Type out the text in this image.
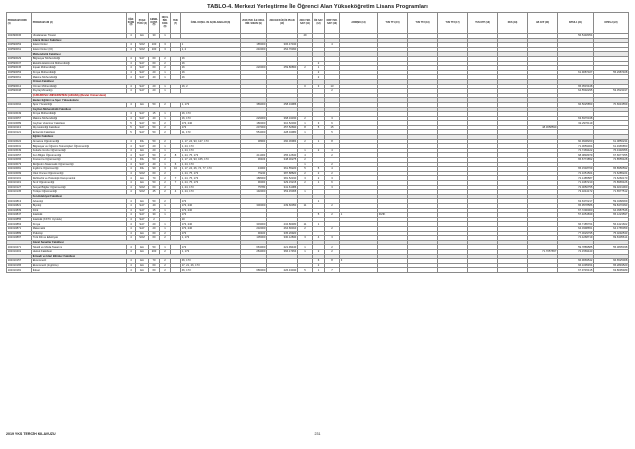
TABLO-4. Merkezi Yerleştirme İle Öğrenci Alan Yükseköğretim Lisans Programları
PROGRAM KODU (1)	PROGRAM ADI (2)	ÖĞR. SÜRE (3)	PUAN TÜRÜ (4)	GENEL KONT. (5)	OKUL BİR. KON. (6)	YER. (7)	ÖZEL KOŞUL VE AÇIKLAMALAR (8)	2018 YER. İLE OKUL BİR. SIRASI (9)	2018 EN KÜÇÜK PUAN (10)	2018 YER. SAYI (11)	ÖK SAY. (12)	OBP YER. SAYI (13)	ARDIŞIK (14)	TUS TT1 (15)	TUS TT2 (16)	TUS TT3 (17)	TUS KTP (18)	DUS (19)	AB AYP (20)	KPSS-1 (21)	KPSS-2 (22)
102390036	Uluslararası Ticaret	4	EA	30	1					49										56.5448354	
	İslami İlimler Fakültesi																				
102590053	İslami İlimler	4	SÖZ	100	3		1	185000	306.47340			4									
102590061	İslami İlimler (İÖ)	4	SÖZ	100	3		1, 2	240000	254.76390												
	Mühendislik Fakültesi																				
102590029	Bilgisayar Mühendisliği	4	SAY	60	2		16														
102590037	Elektrik-Elektronik Mühendisliği	4	SAY	60	2		16				2										
102590045	İnşaat Mühendisliği	4	SAY	60	2		16	220000	259.80860	2	1										
102590053	Kimya Mühendisliği	4	SAY	20	1		16				2									61.9087327	55.2987408
102590061	Makine Mühendisliği	4	SAY	40	1		16				2										
	Orman Fakültesi																				
102590012	Orman Mühendisliği	4	SAY	20	1		16, 2			0	3	13								65.0515448	
102590038	Peyzaj Mimarlığı	4	SAY	20	1							2								64.5592295	53.3523197
	ÇUKUROVA ÜNİVERSİTESİ (ADANA) (Devlet Üniversitesi)																				
	Beden Eğitimi ve Spor Yüksekokulu																				
102310094	Spor Yöneticiliği	4	EA	50	2		1, 173	389000	258.34986											66.5025853	70.6643559
	Ceyhan Mühendislik Fakültesi																				
102310049	Kimya Mühendisliği	4	SAY	15	1		16, 173														
102310057	Makine Mühendisliği	4	SAY	40	1		16, 173	229000	368.34330	2		3								63.6976348	
102310089	Ceyhan Veteriner Fakültesi	5	SAY	50	2		173, 240	180000	310.52030	1	3	6								62.2976119	
102310113	Diş Hekimliği Fakültesi	5	SAY	50	2		173	207000	457.52690	8	5	15							48.3658590		
102310121	Eczacılık Fakültesi	5	SAY	50	2		11, 173	554000	428.04980	1		5									
	Eğitim Fakültesi																				
102310022	Almanca Öğretmenliği	4	DİL	50	2		1, 17, 24, 93, 127, 173	38900	260.36984	2	1	8								60.9938260	61.0856234
102310031	Bilgisayar ve Öğretim Teknolojileri Öğretmenliği	4	SAY	20	1		1, 24, 173													71.0659304	61.4965850
102310049	Felsefe Grubu Öğretmenliği	4	EA	20	1		1, 24, 173			1	2	4								72.7469422	76.4348056
102310057	Fen Bilgisi Öğretmenliği	4	SAY	50	2	8	1, 24, 75, 173	211000	255.12630	4		2								68.0848979	67.6677355
102310065	Fransızca Öğretmenliği	4	DİL	50	2		1, 17, 24, 93, 165, 173	36403	348.30275	2										65.6774852	72.8555428
102310073	İlköğretim Matematik Öğretmenliği	4	SAY	40	1	6	1, 24, 173			1		2									
102310081	İngilizce Öğretmenliği	4	DİL	90	3	10	1, 17, 24, 26, 74, 77, 173	43000	361.55220	5	5	4								65.1548769	65.8950592
102310099	Okul Öncesi Öğretmenliği	4	SÖZ	60	2		1, 24, 75, 173	75240	387.88820	2	2	2								72.1051504	72.6285224
102310101	Rehberlik ve Psikolojik Danışmanlık	4	EA	70	2	7	1, 24, 75, 173	188000	381.52190	3	2	3								72.1485587	72.6260170
102310119	Sınıf Öğretmenliği	4	EA	50	2	7	1, 24, 75, 173	96000	329.15215	2	1	6								71.3487210	70.8965426
102310127	Sosyal Bilgiler Öğretmenliği	4	SÖZ	60	2		1, 24, 173	75780	341.61086			3								72.0050755	69.9231060
102310135	Türkçe Öğretmenliği	4	SÖZ	45	2	4	1, 24, 173	192000	353.45065	1										73.3244172	71.6577512
	Fen-Edebiyat Fakültesi																				
102310813	Arkeoloji	4	EA	50	2		173				1									63.6370217	59.0468369
102310821	Biyoloji	4	SAY	40	1		173, 240	300000	239.60050	11		2								65.9578586	59.8470393
102310839	Fizik	4	SAY	15	1		173, 240													67.7290000	64.3987546
102310847	İstatistik	4	SAY	30	1		173				5	2	1	FİZİK						57.4054839	65.1223597
102310855	İstatistik (KKTC Uyruklu)	4	SAY	2			10														
102310863	Kimya	4	SAY	20	1		173, 240	303000	234.80480	11	1									66.7185764	56.4421602
102310871	Matematik	4	SAY	20	1		173, 240	232000	264.66010	2		2								64.0398651	64.1765059
102310889	Psikoloji	4	EA	60	2		173	90400	335.26920											77.3029795	75.0292533
102310897	Türk Dili ve Edebiyatı	4	SÖZ	60	2		1, 173	105000	330.12830	3	4	3								74.4268719	69.6305614
	Güzel Sanatlar Fakültesi																				
102310471	Tekstil ve Moda Tasarımı	4	EA	50	1		173	663000	221.99440	1		2								59.7889585	55.3805038
102310401	Hukuk Fakültesi	4	EA	200	2		1, 173	284000	366.17454	1	2	2							71.7057657	72.1569443	
	İktisadi ve İdari Bilimler Fakültesi																				
102310157	Ekonometri	4	EA	70	2		46, 173				6	8	3							66.9669542	66.6525008
102310165	Ekonometri (İngilizce)	4	EA	60	2		17, 21, 26, 173				2									66.1095454	65.2849520
102310181	İktisat	4	EA	60	2		46, 173	686000	226.43040	5	1	7								67.9745415	63.8095489
2019 YKS TERCİH KILAVUZU	231
